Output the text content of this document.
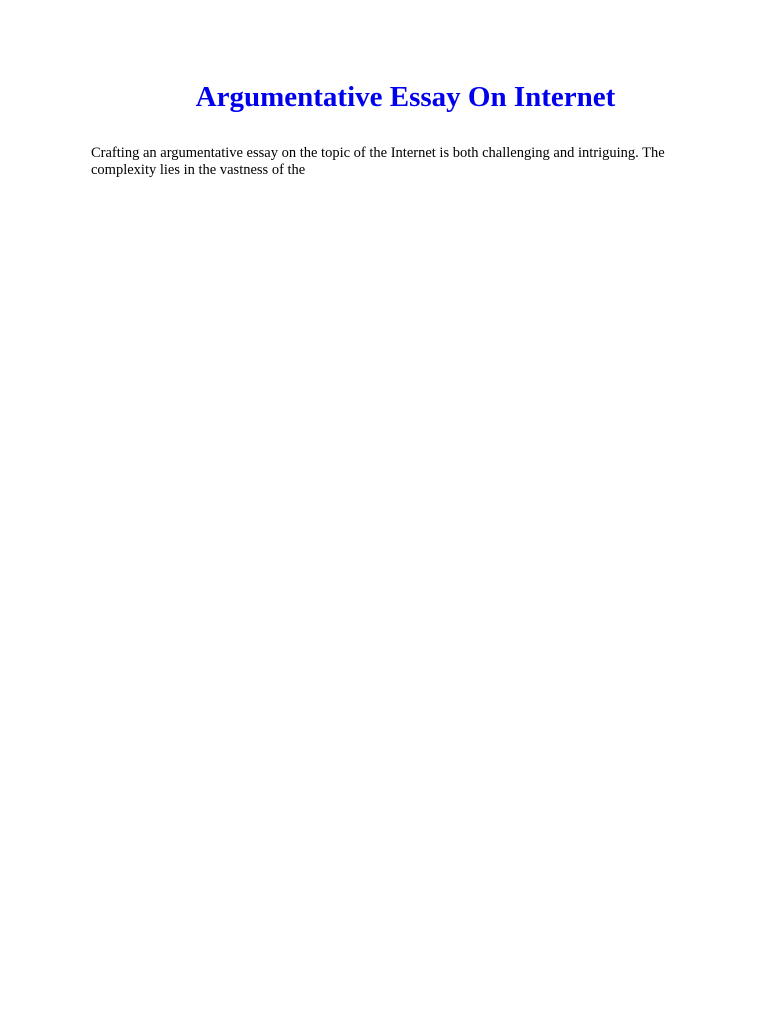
Argumentative Essay On Internet

Crafting an argumentative essay on the topic of the Internet is both challenging and intriguing. The complexity lies in the vastness of the
